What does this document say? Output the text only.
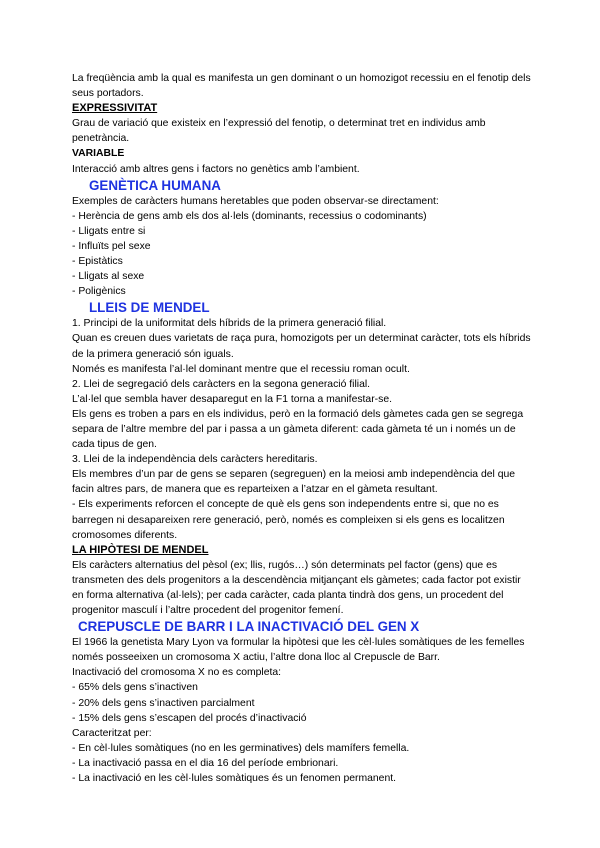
La freqüència amb la qual es manifesta un gen dominant o un homozigot recessiu en el fenotip dels seus portadors.

EXPRESSIVITAT

Grau de variació que existeix en l’expressió del fenotip, o determinat tret en individus amb penetrància.

VARIABLE

Interacció amb altres gens i factors no genètics amb l’ambient.

GENÈTICA HUMANA

Exemples de caràcters humans heretables que poden observar-se directament:

- Herència de gens amb els dos al·lels (dominants, recessius o codominants)

- Lligats entre si

- Influïts pel sexe

- Epistàtics

- Lligats al sexe

- Poligènics

LLEIS DE MENDEL

1. Principi de la uniformitat dels híbrids de la primera generació filial.

Quan es creuen dues varietats de raça pura, homozigots per un determinat caràcter, tots els híbrids de la primera generació són iguals.

Només es manifesta l’al·lel dominant mentre que el recessiu roman ocult.

2. Llei de segregació dels caràcters en la segona generació filial.

L’al·lel que sembla haver desaparegut en la F1 torna a manifestar-se.

Els gens es troben a pars en els individus, però en la formació dels gàmetes cada gen se segrega separa de l’altre membre del par i passa a un gàmeta diferent: cada gàmeta té un i només un de cada tipus de gen.

3. Llei de la independència dels caràcters hereditaris.

Els membres d’un par de gens se separen (segreguen) en la meiosi amb independència del que facin altres pars, de manera que es reparteixen a l’atzar en el gàmeta resultant.

- Els experiments reforcen el concepte de què els gens son independents entre si, que no es barregen ni desapareixen rere generació, però, només es compleixen si els gens es localitzen cromosomes diferents.

LA HIPÒTESI DE MENDEL

Els caràcters alternatius del pèsol (ex; llis, rugós…) són determinats pel factor (gens) que es transmeten des dels progenitors a la descendència mitjançant els gàmetes; cada factor pot existir en forma alternativa (al·lels); per cada caràcter, cada planta tindrà dos gens, un procedent del progenitor masculí i l’altre procedent del progenitor femení.

CREPUSCLE DE BARR I LA INACTIVACIÓ DEL GEN X

El 1966 la genetista Mary Lyon va formular la hipòtesi que les cèl·lules somàtiques de les femelles només posseeixen un cromosoma X actiu, l’altre dona lloc al Crepuscle de Barr.

Inactivació del cromosoma X no es completa:

- 65% dels gens s’inactiven

- 20% dels gens s’inactiven parcialment

- 15% dels gens s’escapen del procés d’inactivació

Caracteritzat per:

- En cèl·lules somàtiques (no en les germinatives) dels mamífers femella.

- La inactivació passa en el dia 16 del període embrionari.

- La inactivació en les cèl·lules somàtiques és un fenomen permanent.
